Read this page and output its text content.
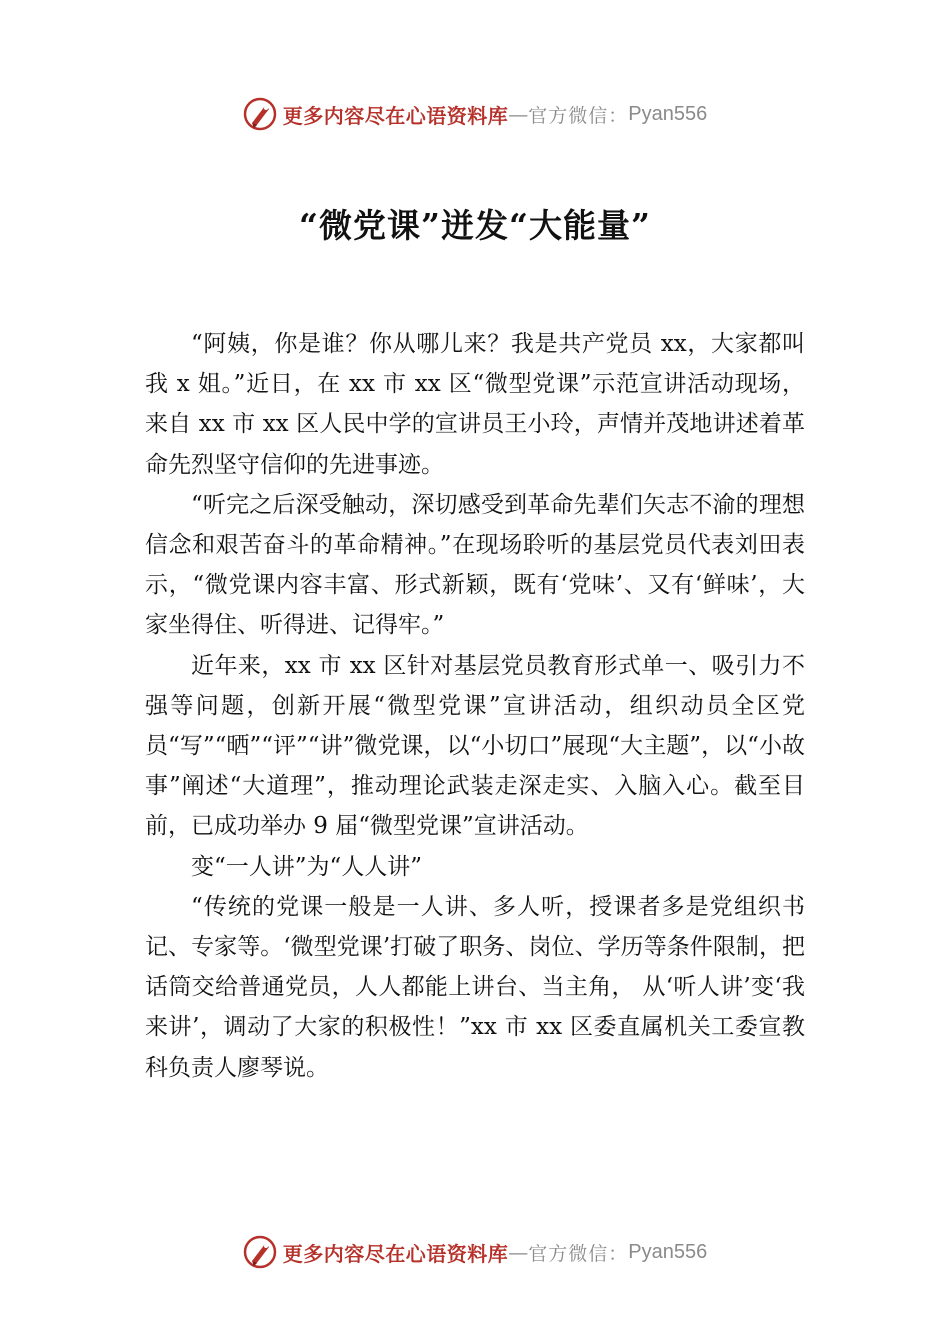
更多内容尽在心语资料库 — 官方微信： Pyan556
“微党课”迸发“大能量”

“阿姨，你是谁？你从哪儿来？我是共产党员 xx，大家都叫我 x 姐。”近日，在 xx 市 xx 区“微型党课”示范宣讲活动现场，来自 xx 市 xx 区人民中学的宣讲员王小玲，声情并茂地讲述着革命先烈坚守信仰的先进事迹。

“听完之后深受触动，深切感受到革命先辈们矢志不渝的理想信念和艰苦奋斗的革命精神。”在现场聆听的基层党员代表刘田表示，“微党课内容丰富、形式新颖，既有‘党味’、又有‘鲜味’，大家坐得住、听得进、记得牢。”

近年来，xx 市 xx 区针对基层党员教育形式单一、吸引力不强等问题，创新开展“微型党课”宣讲活动，组织动员全区党员“写”“晒”“评”“讲”微党课，以“小切口”展现“大主题”，以“小故事”阐述“大道理”，推动理论武装走深走实、入脑入心。截至目前，已成功举办 9 届“微型党课”宣讲活动。

变“一人讲”为“人人讲”

“传统的党课一般是一人讲、多人听，授课者多是党组织书记、专家等。‘微型党课’打破了职务、岗位、学历等条件限制，把话筒交给普通党员，人人都能上讲台、当主角， 从‘听人讲’变‘我来讲’，调动了大家的积极性！”xx 市 xx 区委直属机关工委宣教科负责人廖琴说。

更多内容尽在心语资料库 — 官方微信： Pyan556
